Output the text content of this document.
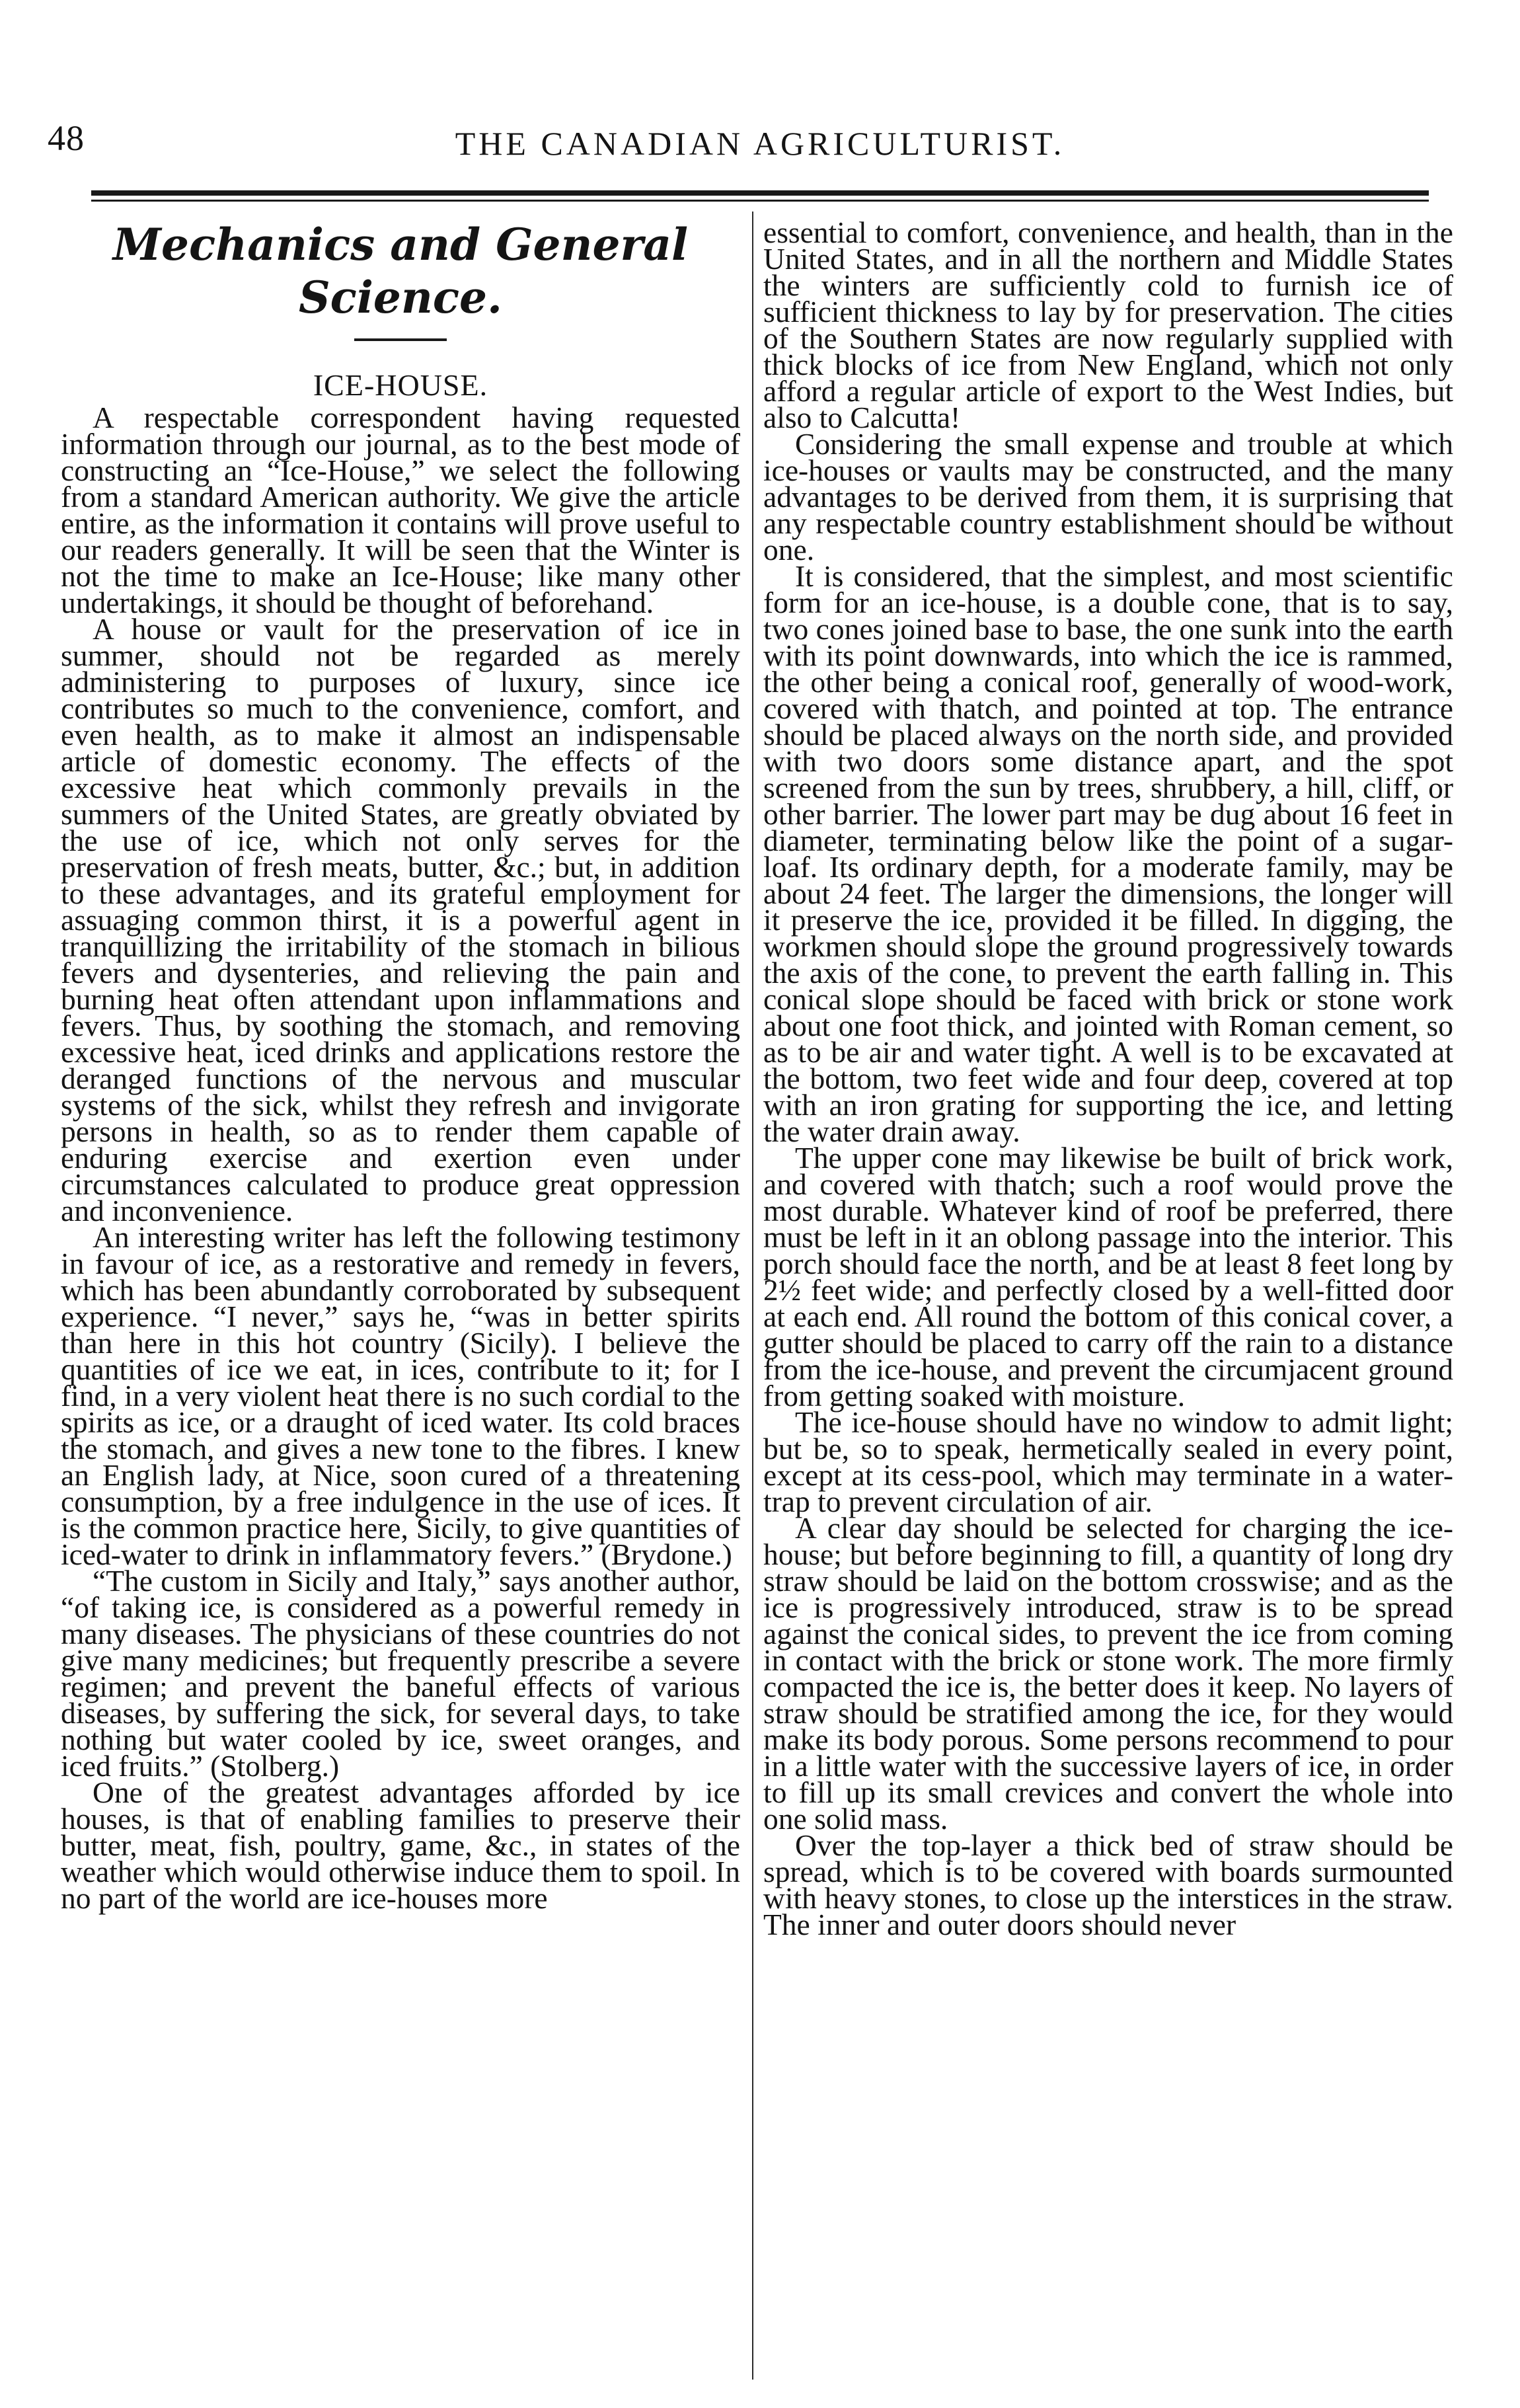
48	THE CANADIAN AGRICULTURIST.
Mechanics and General Science.
ICE-HOUSE.

A respectable correspondent having requested information through our journal, as to the best mode of constructing an “Ice-House,” we select the following from a standard American authority. We give the article entire, as the information it contains will prove useful to our readers generally. It will be seen that the Winter is not the time to make an Ice-House; like many other undertakings, it should be thought of beforehand.

A house or vault for the preservation of ice in summer, should not be regarded as merely administering to purposes of luxury, since ice contributes so much to the convenience, comfort, and even health, as to make it almost an indispensable article of domestic economy. The effects of the excessive heat which commonly prevails in the summers of the United States, are greatly obviated by the use of ice, which not only serves for the preservation of fresh meats, butter, &c.; but, in addition to these advantages, and its grateful employment for assuaging common thirst, it is a powerful agent in tranquillizing the irritability of the stomach in bilious fevers and dysenteries, and relieving the pain and burning heat often attendant upon inflammations and fevers. Thus, by soothing the stomach, and removing excessive heat, iced drinks and applications restore the deranged functions of the nervous and muscular systems of the sick, whilst they refresh and invigorate persons in health, so as to render them capable of enduring exercise and exertion even under circumstances calculated to produce great oppression and inconvenience.

An interesting writer has left the following testimony in favour of ice, as a restorative and remedy in fevers, which has been abundantly corroborated by subsequent experience. “I never,” says he, “was in better spirits than here in this hot country (Sicily). I believe the quantities of ice we eat, in ices, contribute to it; for I find, in a very violent heat there is no such cordial to the spirits as ice, or a draught of iced water. Its cold braces the stomach, and gives a new tone to the fibres. I knew an English lady, at Nice, soon cured of a threatening consumption, by a free indulgence in the use of ices. It is the common practice here, Sicily, to give quantities of iced-water to drink in inflammatory fevers.” (Brydone.)

“The custom in Sicily and Italy,” says another author, “of taking ice, is considered as a powerful remedy in many diseases. The physicians of these countries do not give many medicines; but frequently prescribe a severe regimen; and prevent the baneful effects of various diseases, by suffering the sick, for several days, to take nothing but water cooled by ice, sweet oranges, and iced fruits.” (Stolberg.)

One of the greatest advantages afforded by ice houses, is that of enabling families to preserve their butter, meat, fish, poultry, game, &c., in states of the weather which would otherwise induce them to spoil. In no part of the world are ice-houses more

essential to comfort, convenience, and health, than in the United States, and in all the northern and Middle States the winters are sufficiently cold to furnish ice of sufficient thickness to lay by for preservation. The cities of the Southern States are now regularly supplied with thick blocks of ice from New England, which not only afford a regular article of export to the West Indies, but also to Calcutta!

Considering the small expense and trouble at which ice-houses or vaults may be constructed, and the many advantages to be derived from them, it is surprising that any respectable country establishment should be without one.

It is considered, that the simplest, and most scientific form for an ice-house, is a double cone, that is to say, two cones joined base to base, the one sunk into the earth with its point downwards, into which the ice is rammed, the other being a conical roof, generally of wood-work, covered with thatch, and pointed at top. The entrance should be placed always on the north side, and provided with two doors some distance apart, and the spot screened from the sun by trees, shrubbery, a hill, cliff, or other barrier. The lower part may be dug about 16 feet in diameter, terminating below like the point of a sugar-loaf. Its ordinary depth, for a moderate family, may be about 24 feet. The larger the dimensions, the longer will it preserve the ice, provided it be filled. In digging, the workmen should slope the ground progressively towards the axis of the cone, to prevent the earth falling in. This conical slope should be faced with brick or stone work about one foot thick, and jointed with Roman cement, so as to be air and water tight. A well is to be excavated at the bottom, two feet wide and four deep, covered at top with an iron grating for supporting the ice, and letting the water drain away.

The upper cone may likewise be built of brick work, and covered with thatch; such a roof would prove the most durable. Whatever kind of roof be preferred, there must be left in it an oblong passage into the interior. This porch should face the north, and be at least 8 feet long by 2½ feet wide; and perfectly closed by a well-fitted door at each end. All round the bottom of this conical cover, a gutter should be placed to carry off the rain to a distance from the ice-house, and prevent the circumjacent ground from getting soaked with moisture.

The ice-house should have no window to admit light; but be, so to speak, hermetically sealed in every point, except at its cess-pool, which may terminate in a water-trap to prevent circulation of air.

A clear day should be selected for charging the ice-house; but before beginning to fill, a quantity of long dry straw should be laid on the bottom crosswise; and as the ice is progressively introduced, straw is to be spread against the conical sides, to prevent the ice from coming in contact with the brick or stone work. The more firmly compacted the ice is, the better does it keep. No layers of straw should be stratified among the ice, for they would make its body porous. Some persons recommend to pour in a little water with the successive layers of ice, in order to fill up its small crevices and convert the whole into one solid mass.

Over the top-layer a thick bed of straw should be spread, which is to be covered with boards surmounted with heavy stones, to close up the interstices in the straw. The inner and outer doors should never
